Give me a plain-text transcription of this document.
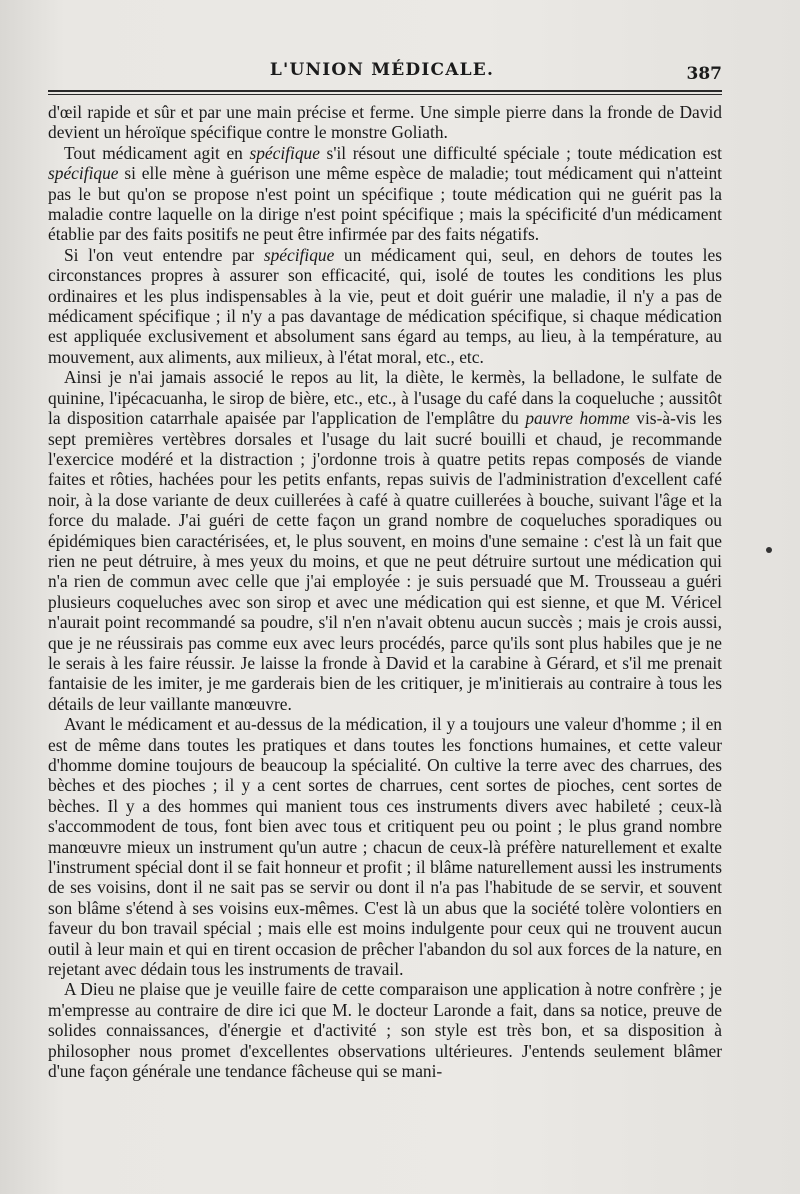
L'UNION MÉDICALE.	387

d'œil rapide et sûr et par une main précise et ferme. Une simple pierre dans la fronde de David devient un héroïque spécifique contre le monstre Goliath.

Tout médicament agit en spécifique s'il résout une difficulté spéciale ; toute médication est spécifique si elle mène à guérison une même espèce de maladie; tout médicament qui n'atteint pas le but qu'on se propose n'est point un spécifique ; toute médication qui ne guérit pas la maladie contre laquelle on la dirige n'est point spécifique ; mais la spécificité d'un médicament établie par des faits positifs ne peut être infirmée par des faits négatifs.

Si l'on veut entendre par spécifique un médicament qui, seul, en dehors de toutes les circonstances propres à assurer son efficacité, qui, isolé de toutes les conditions les plus ordinaires et les plus indispensables à la vie, peut et doit guérir une maladie, il n'y a pas de médicament spécifique ; il n'y a pas davantage de médication spécifique, si chaque médication est appliquée exclusivement et absolument sans égard au temps, au lieu, à la température, au mouvement, aux aliments, aux milieux, à l'état moral, etc., etc.

Ainsi je n'ai jamais associé le repos au lit, la diète, le kermès, la belladone, le sulfate de quinine, l'ipécacuanha, le sirop de bière, etc., etc., à l'usage du café dans la coqueluche ; aussitôt la disposition catarrhale apaisée par l'application de l'emplâtre du pauvre homme vis-à-vis les sept premières vertèbres dorsales et l'usage du lait sucré bouilli et chaud, je recommande l'exercice modéré et la distraction ; j'ordonne trois à quatre petits repas composés de viande faites et rôties, hachées pour les petits enfants, repas suivis de l'administration d'excellent café noir, à la dose variante de deux cuillerées à café à quatre cuillerées à bouche, suivant l'âge et la force du malade. J'ai guéri de cette façon un grand nombre de coqueluches sporadiques ou épidémiques bien caractérisées, et, le plus souvent, en moins d'une semaine : c'est là un fait que rien ne peut détruire, à mes yeux du moins, et que ne peut détruire surtout une médication qui n'a rien de commun avec celle que j'ai employée : je suis persuadé que M. Trousseau a guéri plusieurs coqueluches avec son sirop et avec une médication qui est sienne, et que M. Véricel n'aurait point recommandé sa poudre, s'il n'en n'avait obtenu aucun succès ; mais je crois aussi, que je ne réussirais pas comme eux avec leurs procédés, parce qu'ils sont plus habiles que je ne le serais à les faire réussir. Je laisse la fronde à David et la carabine à Gérard, et s'il me prenait fantaisie de les imiter, je me garderais bien de les critiquer, je m'initierais au contraire à tous les détails de leur vaillante manœuvre.

Avant le médicament et au-dessus de la médication, il y a toujours une valeur d'homme ; il en est de même dans toutes les pratiques et dans toutes les fonctions humaines, et cette valeur d'homme domine toujours de beaucoup la spécialité. On cultive la terre avec des charrues, des bèches et des pioches ; il y a cent sortes de charrues, cent sortes de pioches, cent sortes de bèches. Il y a des hommes qui manient tous ces instruments divers avec habileté ; ceux-là s'accommodent de tous, font bien avec tous et critiquent peu ou point ; le plus grand nombre manœuvre mieux un instrument qu'un autre ; chacun de ceux-là préfère naturellement et exalte l'instrument spécial dont il se fait honneur et profit ; il blâme naturellement aussi les instruments de ses voisins, dont il ne sait pas se servir ou dont il n'a pas l'habitude de se servir, et souvent son blâme s'étend à ses voisins eux-mêmes. C'est là un abus que la société tolère volontiers en faveur du bon travail spécial ; mais elle est moins indulgente pour ceux qui ne trouvent aucun outil à leur main et qui en tirent occasion de prêcher l'abandon du sol aux forces de la nature, en rejetant avec dédain tous les instruments de travail.

A Dieu ne plaise que je veuille faire de cette comparaison une application à notre confrère ; je m'empresse au contraire de dire ici que M. le docteur Laronde a fait, dans sa notice, preuve de solides connaissances, d'énergie et d'activité ; son style est très bon, et sa disposition à philosopher nous promet d'excellentes observations ultérieures. J'entends seulement blâmer d'une façon générale une tendance fâcheuse qui se mani-
